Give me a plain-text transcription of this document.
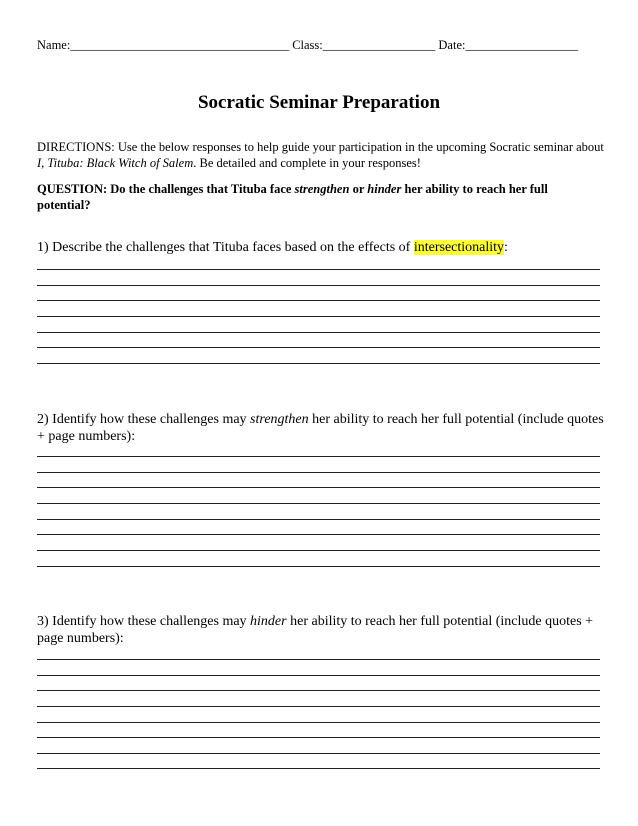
Name:___________________________________ Class:__________________ Date:__________________
Socratic Seminar Preparation
DIRECTIONS: Use the below responses to help guide your participation in the upcoming Socratic seminar about I, Tituba: Black Witch of Salem. Be detailed and complete in your responses!
QUESTION: Do the challenges that Tituba face strengthen or hinder her ability to reach her full potential?
1) Describe the challenges that Tituba faces based on the effects of intersectionality:
2) Identify how these challenges may strengthen her ability to reach her full potential (include quotes + page numbers):
3) Identify how these challenges may hinder her ability to reach her full potential (include quotes + page numbers):
